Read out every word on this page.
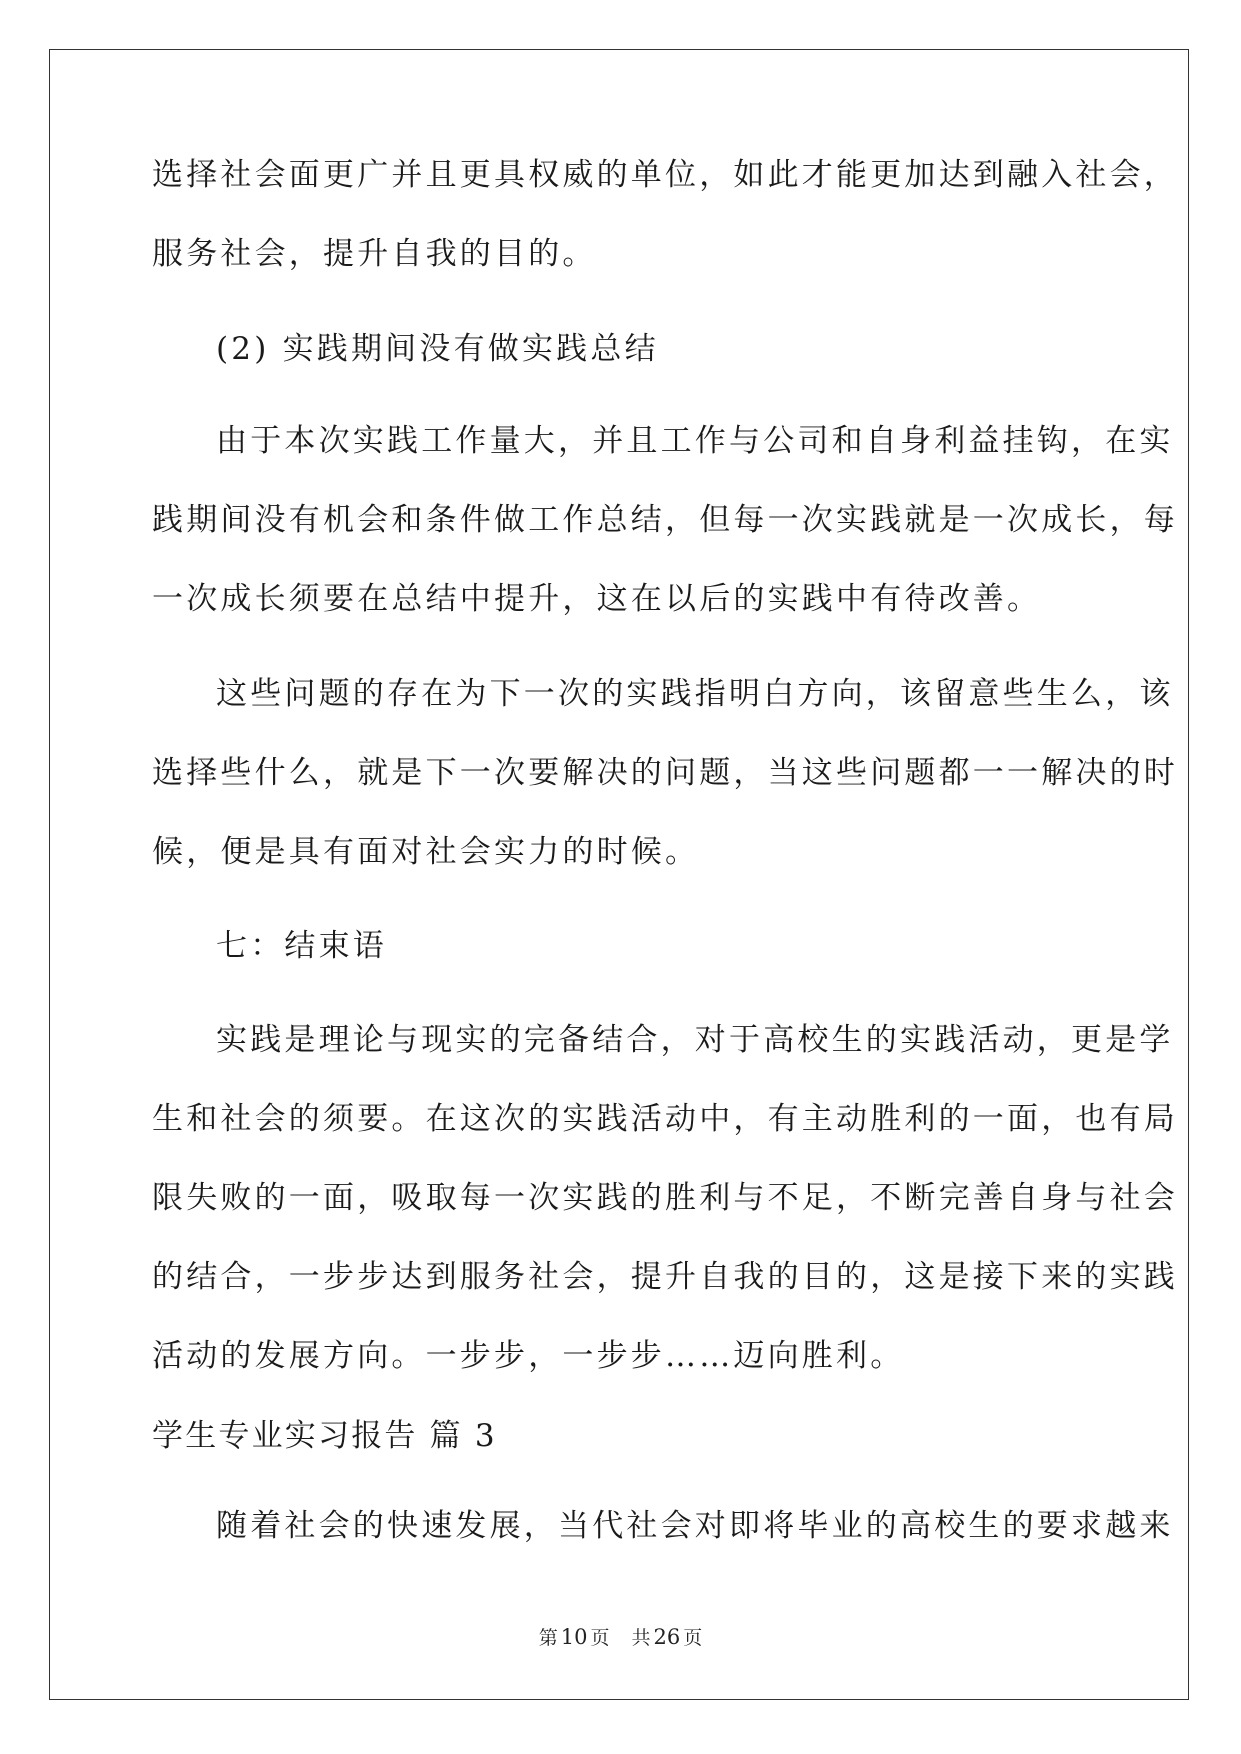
选择社会面更广并且更具权威的单位，如此才能更加达到融入社会，
服务社会，提升自我的目的。
(2) 实践期间没有做实践总结
由于本次实践工作量大，并且工作与公司和自身利益挂钩，在实
践期间没有机会和条件做工作总结，但每一次实践就是一次成长，每
一次成长须要在总结中提升，这在以后的实践中有待改善。
这些问题的存在为下一次的实践指明白方向，该留意些生么，该
选择些什么，就是下一次要解决的问题，当这些问题都一一解决的时
候，便是具有面对社会实力的时候。
七：结束语
实践是理论与现实的完备结合，对于高校生的实践活动，更是学
生和社会的须要。在这次的实践活动中，有主动胜利的一面，也有局
限失败的一面，吸取每一次实践的胜利与不足，不断完善自身与社会
的结合，一步步达到服务社会，提升自我的目的，这是接下来的实践
活动的发展方向。一步步，一步步……迈向胜利。
学生专业实习报告 篇 3
随着社会的快速发展，当代社会对即将毕业的高校生的要求越来
第 10 页 共 26 页
